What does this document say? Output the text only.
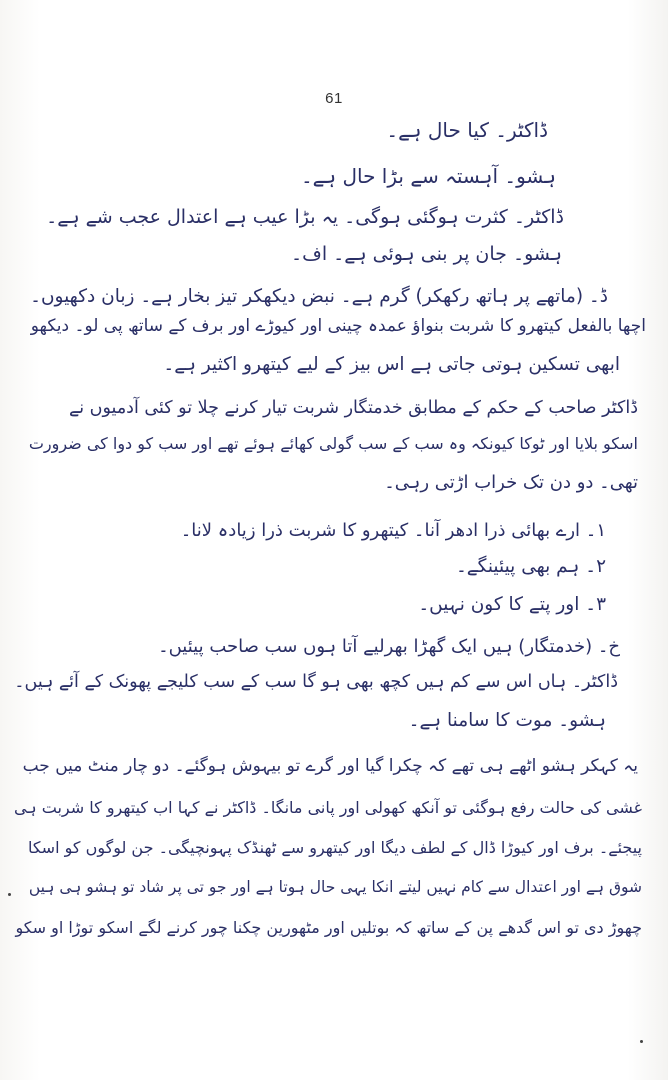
61
ڈاکٹر۔ کیا حال ہے۔
ہشو۔ آہستہ سے بڑا حال ہے۔
ڈاکٹر۔ کثرت ہوگئی ہوگی۔ یہ بڑا عیب ہے اعتدال عجب شے ہے۔
ہشو۔ جان پر بنی ہوئی ہے۔ اف۔
ڈ۔ (ماتھے پر ہاتھ رکھکر) گرم ہے۔ نبض دیکھکر تیز بخار ہے۔ زبان دکھیوں۔
اچھا بالفعل کیتھرو کا شربت بنواؤ عمدہ چینی اور کیوڑے اور برف کے ساتھ پی لو۔ دیکھو
ابھی تسکین ہوتی جاتی ہے اس بیز کے لیے کیتھرو اکثیر ہے۔
ڈاکٹر صاحب کے حکم کے مطابق خدمتگار شربت تیار کرنے چلا تو کئی آدمیوں نے
اسکو بلایا اور ٹوکا کیونکہ وہ سب کے سب گولی کھائے ہوئے تھے اور سب کو دوا کی ضرورت
تھی۔ دو دن تک خراب اڑتی رہی۔
۱۔ ارے بھائی ذرا ادھر آنا۔ کیتھرو کا شربت ذرا زیادہ لانا۔
۲۔ ہم بھی پیئینگے۔
۳۔ اور پتے کا کون نہیں۔
خ۔ (خدمتگار) ہیں ایک گھڑا بھرلیے آتا ہوں سب صاحب پیئیں۔
ڈاکٹر۔ ہاں اس سے کم ہیں کچھ بھی ہو گا سب کے سب کلیجے پھونک کے آئے ہیں۔
ہشو۔ موت کا سامنا ہے۔
یہ کہکر ہشو اٹھے ہی تھے کہ چکرا گیا اور گرے تو بیہوش ہوگئے۔ دو چار منٹ میں جب
غشی کی حالت رفع ہوگئی تو آنکھ کھولی اور پانی مانگا۔ ڈاکٹر نے کہا اب کیتھرو کا شربت ہی
پیجئے۔ برف اور کیوڑا ڈال کے لطف دیگا اور کیتھرو سے ٹھنڈک پہونچیگی۔ جن لوگوں کو اسکا
شوق ہے اور اعتدال سے کام نہیں لیتے انکا یہی حال ہوتا ہے اور جو تی پر شاد تو ہشو ہی ہیں
چھوڑ دی تو اس گدھے پن کے ساتھ کہ بوتلیں اور مٹھورین چکنا چور کرنے لگے اسکو توڑا او سکو
